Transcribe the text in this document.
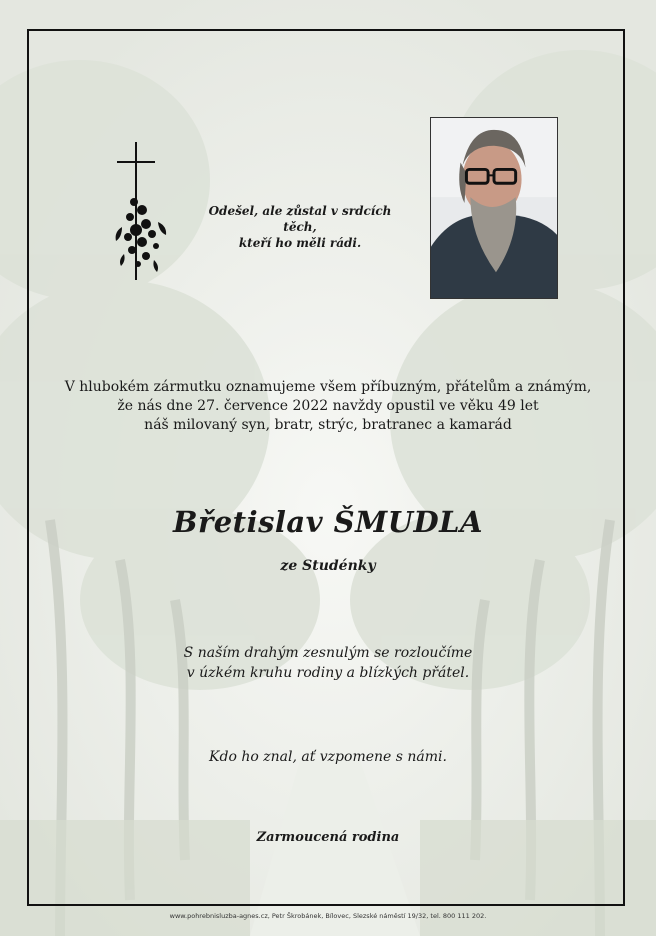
Odešel, ale zůstal v srdcích těch,
kteří ho měli rádi.
V hlubokém zármutku oznamujeme všem příbuzným, přátelům a známým,
že nás dne 27. července 2022 navždy opustil ve věku 49 let
náš milovaný syn, bratr, strýc, bratranec a kamarád
Břetislav ŠMUDLA
ze Studénky
S naším drahým zesnulým se rozloučíme
v úzkém kruhu rodiny a blízkých přátel.
Kdo ho znal, ať vzpomene s námi.
Zarmoucená rodina
www.pohrebnisluzba-agnes.cz, Petr Škrobánek, Bílovec, Slezské náměstí 19/32, tel. 800 111 202.
